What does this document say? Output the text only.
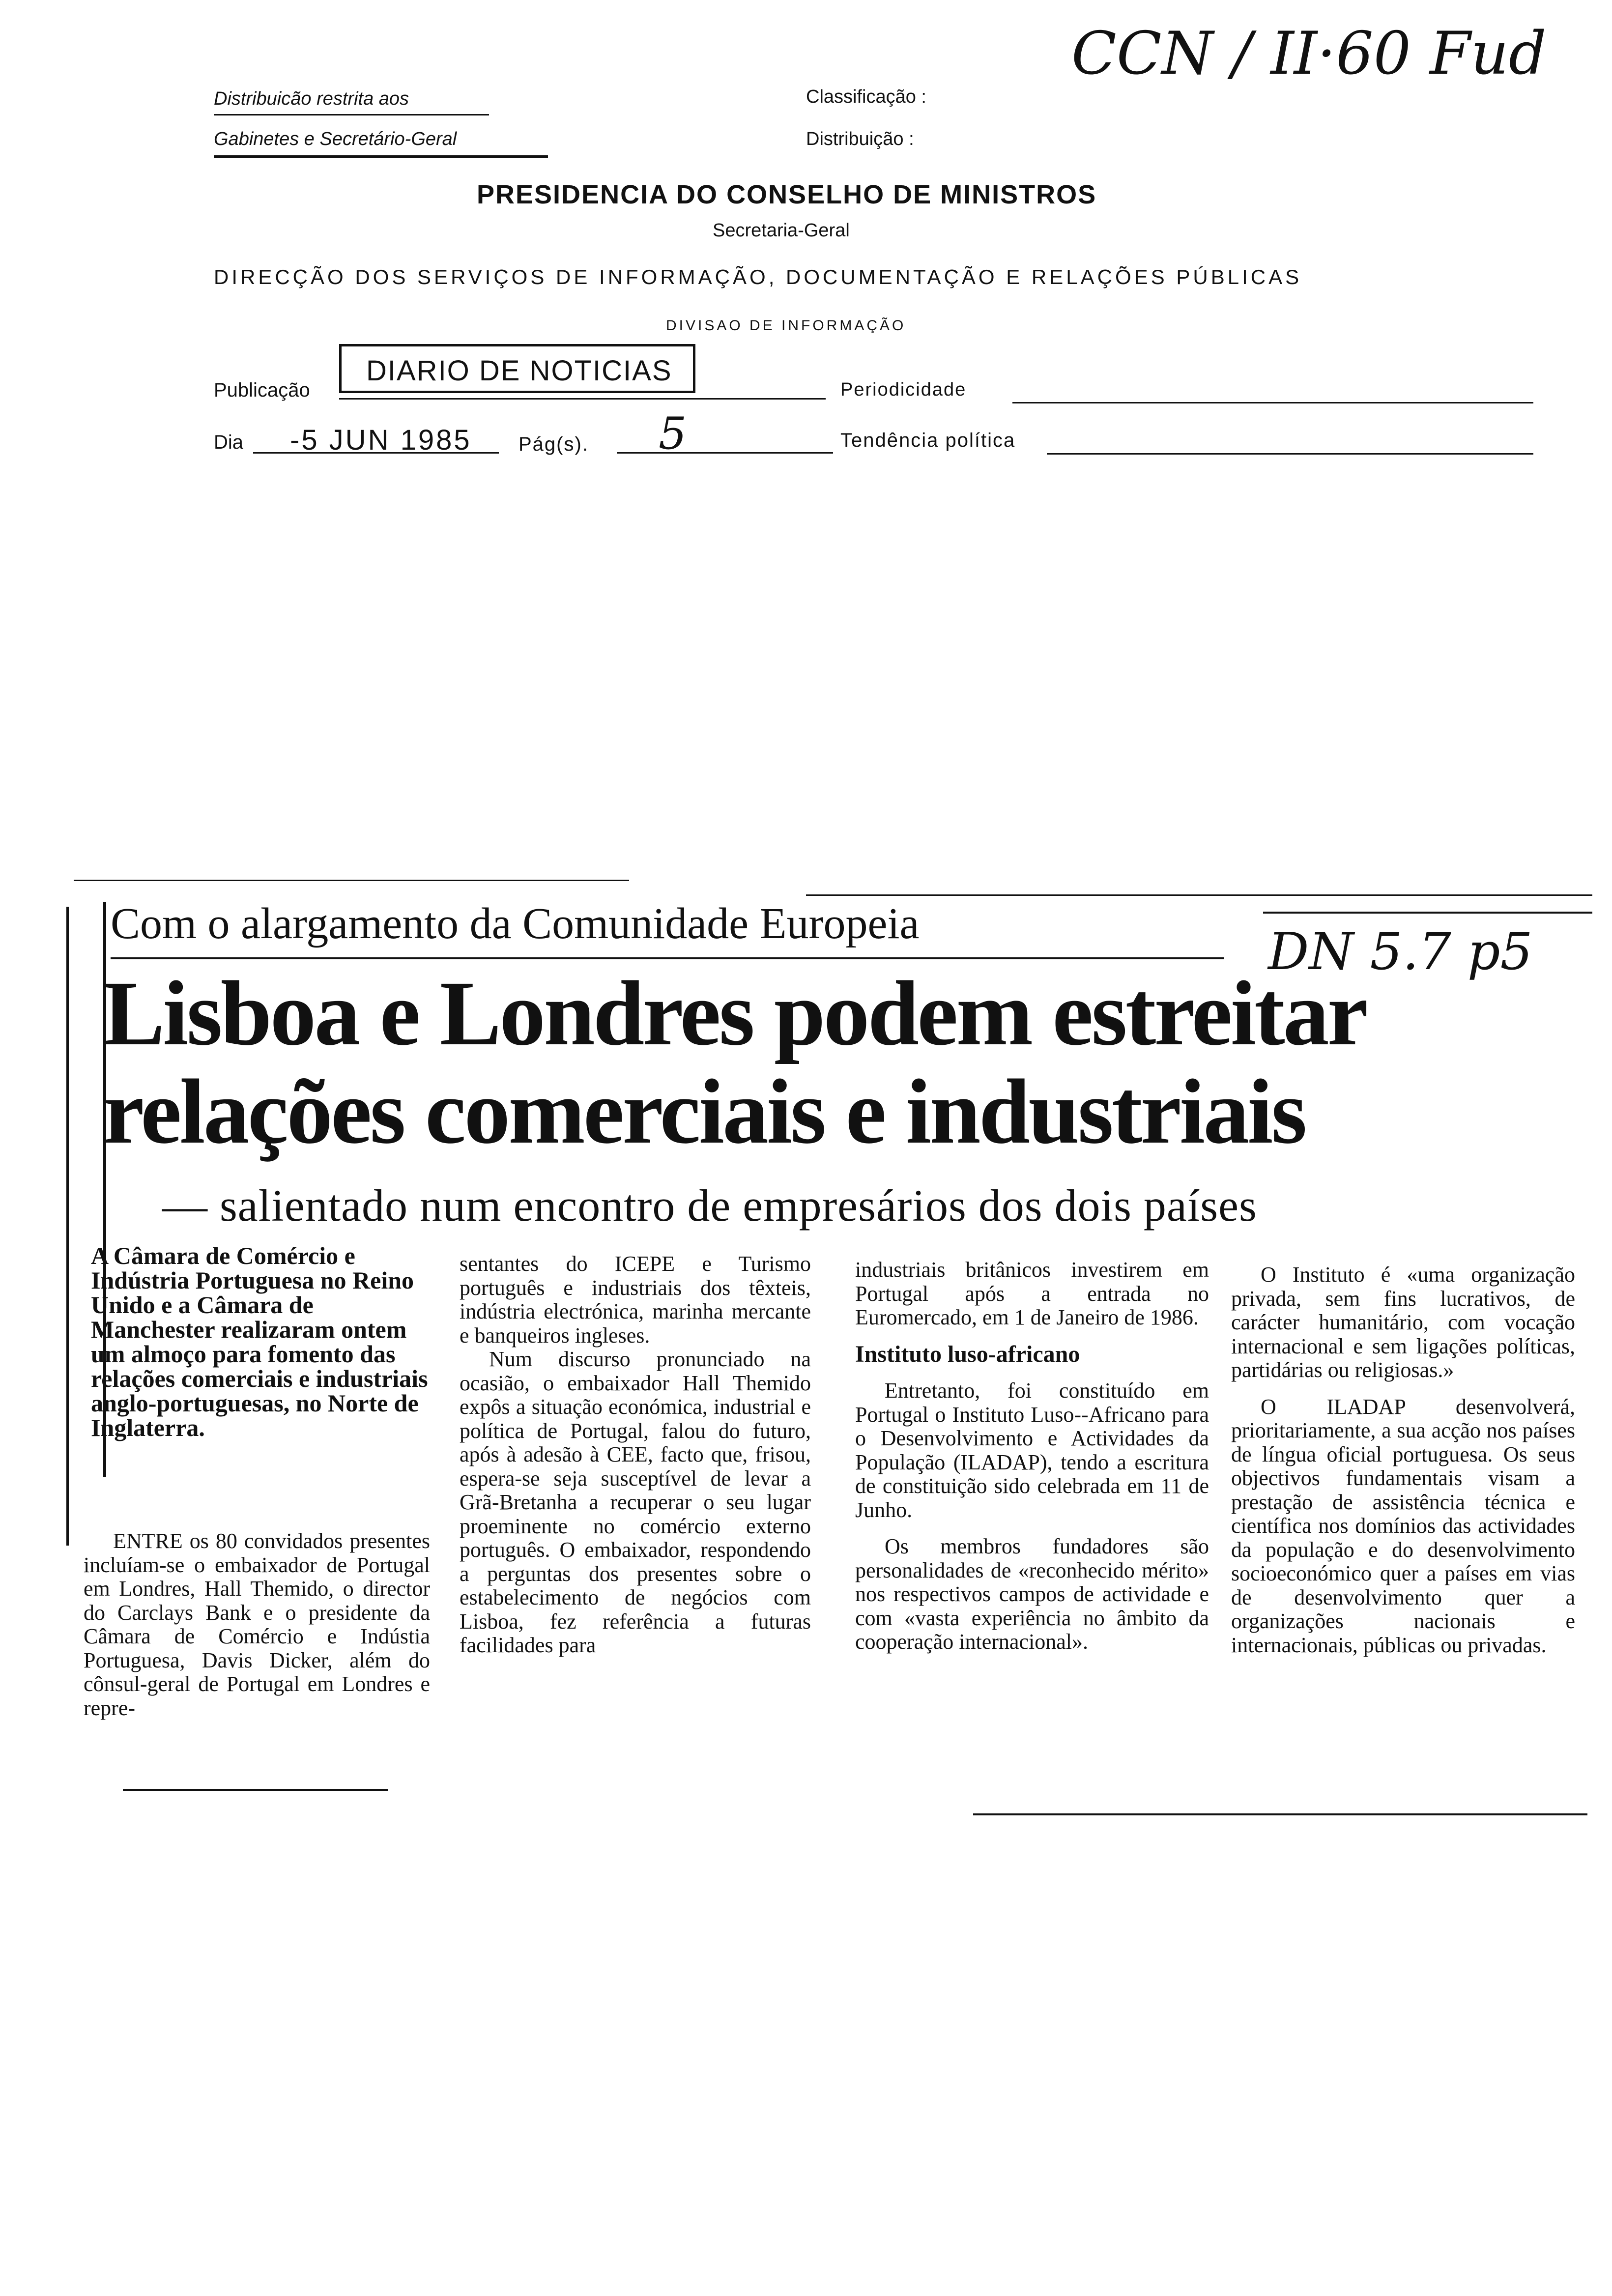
Distribuicão restrita aos
Gabinetes e Secretário-Geral
Classificação :
Distribuição :
CCN / II·60 Fud
PRESIDENCIA DO CONSELHO DE MINISTROS
Secretaria-Geral
DIRECÇÃO DOS SERVIÇOS DE INFORMAÇÃO, DOCUMENTAÇÃO E RELAÇÕES PÚBLICAS
DIVISAO DE INFORMAÇÃO
Publicação
DIARIO DE NOTICIAS
Periodicidade
Dia -5 JUN 1985 Pág(s). 5	Tendência política
Com o alargamento da Comunidade Europeia	DN 5.7 p5
Lisboa e Londres podem estreitar
relações comerciais e industriais
— salientado num encontro de empresários dos dois países
A Câmara de Comércio e Indústria Portuguesa no Reino Unido e a Câmara de Manchester realizaram ontem um almoço para fomento das relações comerciais e industriais anglo-portuguesas, no Norte de Inglaterra.

ENTRE os 80 convidados presentes incluíam-se o embaixador de Portugal em Londres, Hall Themido, o director do Carclays Bank e o presidente da Câmara de Comércio e Indústia Portuguesa, Davis Dicker, além do cônsul-geral de Portugal em Londres e repre-

sentantes do ICEPE e Turismo português e industriais dos têxteis, indústria electrónica, marinha mercante e banqueiros ingleses.

Num discurso pronunciado na ocasião, o embaixador Hall Themido expôs a situação económica, industrial e política de Portugal, falou do futuro, após à adesão à CEE, facto que, frisou, espera-se seja susceptível de levar a Grã-Bretanha a recuperar o seu lugar proeminente no comércio externo português. O embaixador, respondendo a perguntas dos presentes sobre o estabelecimento de negócios com Lisboa, fez referência a futuras facilidades para

industriais britânicos investirem em Portugal após a entrada no Euromercado, em 1 de Janeiro de 1986.

Instituto luso-africano

Entretanto, foi constituído em Portugal o Instituto Luso--Africano para o Desenvolvimento e Actividades da População (ILADAP), tendo a escritura de constituição sido celebrada em 11 de Junho.

Os membros fundadores são personalidades de «reconhecido mérito» nos respectivos campos de actividade e com «vasta experiência no âmbito da cooperação internacional».

O Instituto é «uma organização privada, sem fins lucrativos, de carácter humanitário, com vocação internacional e sem ligações políticas, partidárias ou religiosas.»

O ILADAP desenvolverá, prioritariamente, a sua acção nos países de língua oficial portuguesa. Os seus objectivos fundamentais visam a prestação de assistência técnica e científica nos domínios das actividades da população e do desenvolvimento socioeconómico quer a países em vias de desenvolvimento quer a organizações nacionais e internacionais, públicas ou privadas.
